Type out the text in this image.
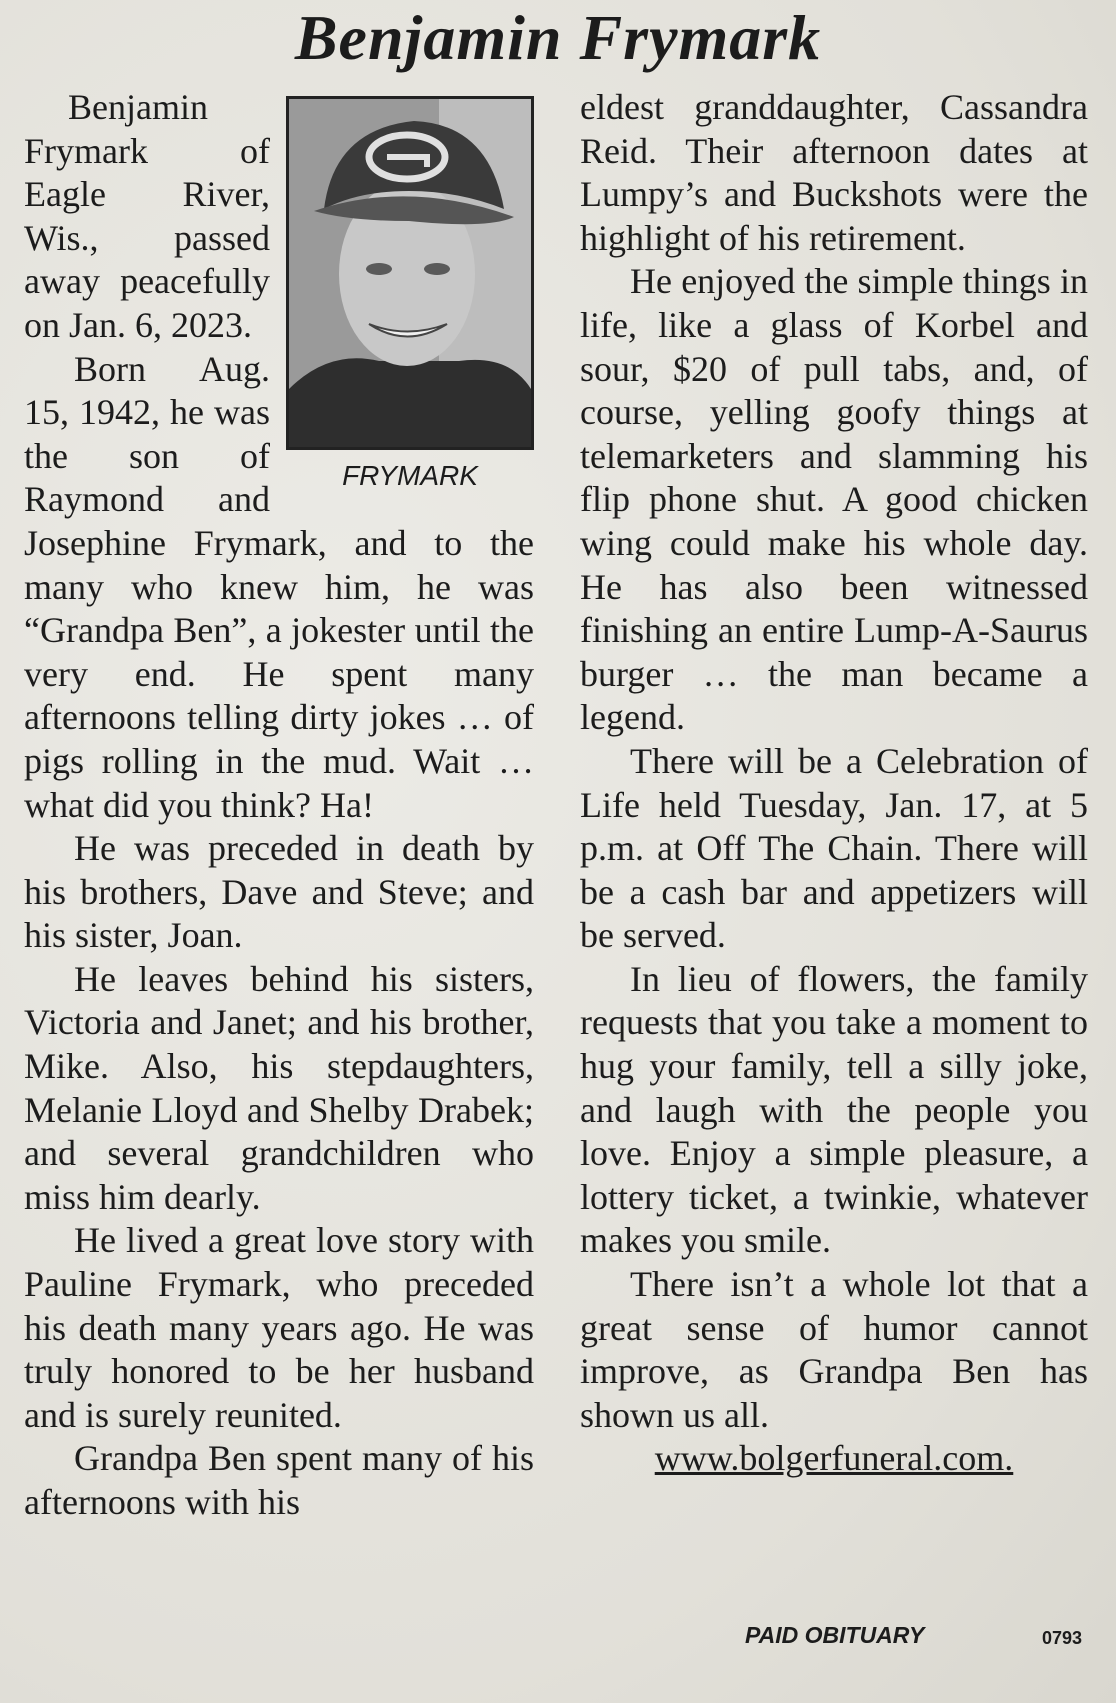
Benjamin Frymark
FRYMARK

Benjamin Frymark of Eagle River, Wis., passed away peacefully on Jan. 6, 2023.

Born Aug. 15, 1942, he was the son of Raymond and Josephine Frymark, and to the many who knew him, he was “Grandpa Ben”, a jokester until the very end. He spent many afternoons telling dirty jokes … of pigs rolling in the mud. Wait … what did you think? Ha!

He was preceded in death by his brothers, Dave and Steve; and his sister, Joan.

He leaves behind his sisters, Victoria and Janet; and his brother, Mike. Also, his stepdaughters, Melanie Lloyd and Shelby Drabek; and several grandchildren who miss him dearly.

He lived a great love story with Pauline Frymark, who preceded his death many years ago. He was truly honored to be her husband and is surely reunited.

Grandpa Ben spent many of his afternoons with his

eldest granddaughter, Cassandra Reid. Their afternoon dates at Lumpy’s and Buckshots were the highlight of his retirement.

He enjoyed the simple things in life, like a glass of Korbel and sour, $20 of pull tabs, and, of course, yelling goofy things at telemarketers and slamming his flip phone shut. A good chicken wing could make his whole day. He has also been witnessed finishing an entire Lump-A-Saurus burger … the man became a legend.

There will be a Celebration of Life held Tuesday, Jan. 17, at 5 p.m. at Off The Chain. There will be a cash bar and appetizers will be served.

In lieu of flowers, the family requests that you take a moment to hug your family, tell a silly joke, and laugh with the people you love. Enjoy a simple pleasure, a lottery ticket, a twinkie, whatever makes you smile.

There isn’t a whole lot that a great sense of humor cannot improve, as Grandpa Ben has shown us all.

www.bolgerfuneral.com.
PAID OBITUARY	0793
